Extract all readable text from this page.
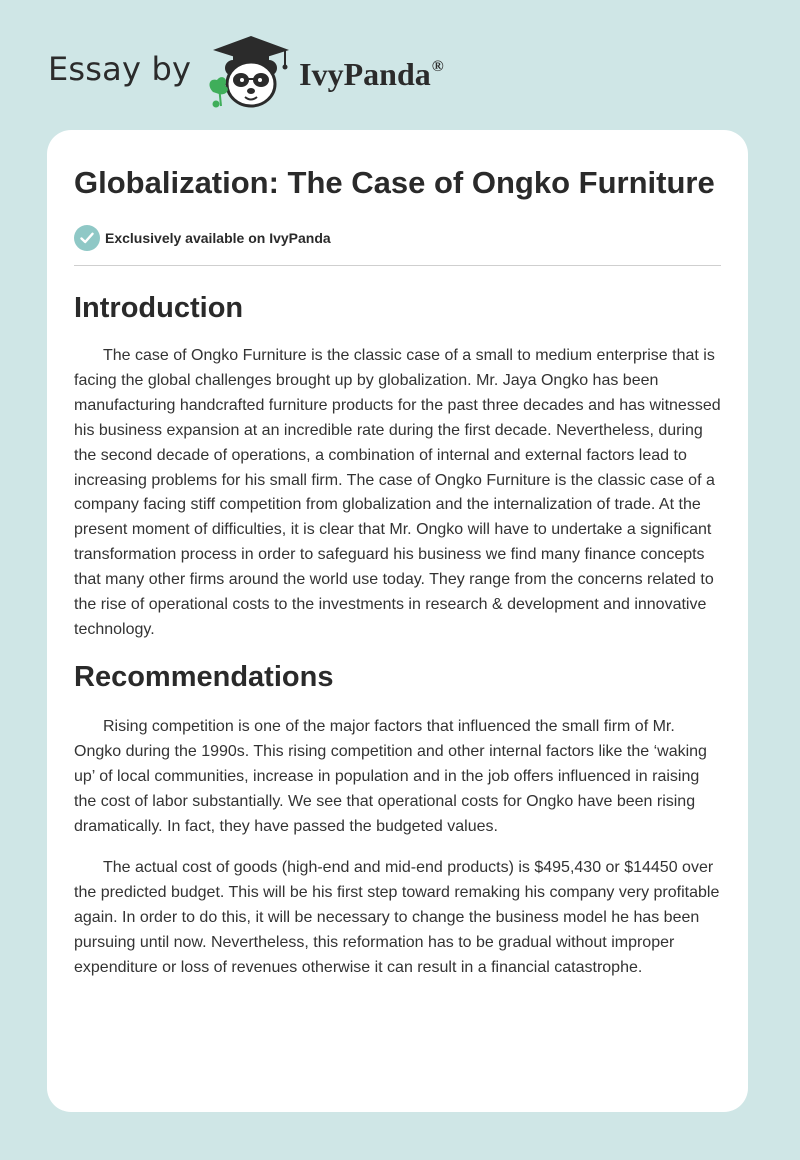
Essay by	IvyPanda®
Globalization: The Case of Ongko Furniture
Exclusively available on IvyPanda
Introduction

The case of Ongko Furniture is the classic case of a small to medium enterprise that is facing the global challenges brought up by globalization. Mr. Jaya Ongko has been manufacturing handcrafted furniture products for the past three decades and has witnessed his business expansion at an incredible rate during the first decade. Nevertheless, during the second decade of operations, a combination of internal and external factors lead to increasing problems for his small firm. The case of Ongko Furniture is the classic case of a company facing stiff competition from globalization and the internalization of trade. At the present moment of difficulties, it is clear that Mr. Ongko will have to undertake a significant transformation process in order to safeguard his business we find many finance concepts that many other firms around the world use today. They range from the concerns related to the rise of operational costs to the investments in research & development and innovative technology.

Recommendations

Rising competition is one of the major factors that influenced the small firm of Mr. Ongko during the 1990s. This rising competition and other internal factors like the ‘waking up’ of local communities, increase in population and in the job offers influenced in raising the cost of labor substantially. We see that operational costs for Ongko have been rising dramatically. In fact, they have passed the budgeted values.

The actual cost of goods (high-end and mid-end products) is $495,430 or $14450 over the predicted budget. This will be his first step toward remaking his company very profitable again. In order to do this, it will be necessary to change the business model he has been pursuing until now. Nevertheless, this reformation has to be gradual without improper expenditure or loss of revenues otherwise it can result in a financial catastrophe.
